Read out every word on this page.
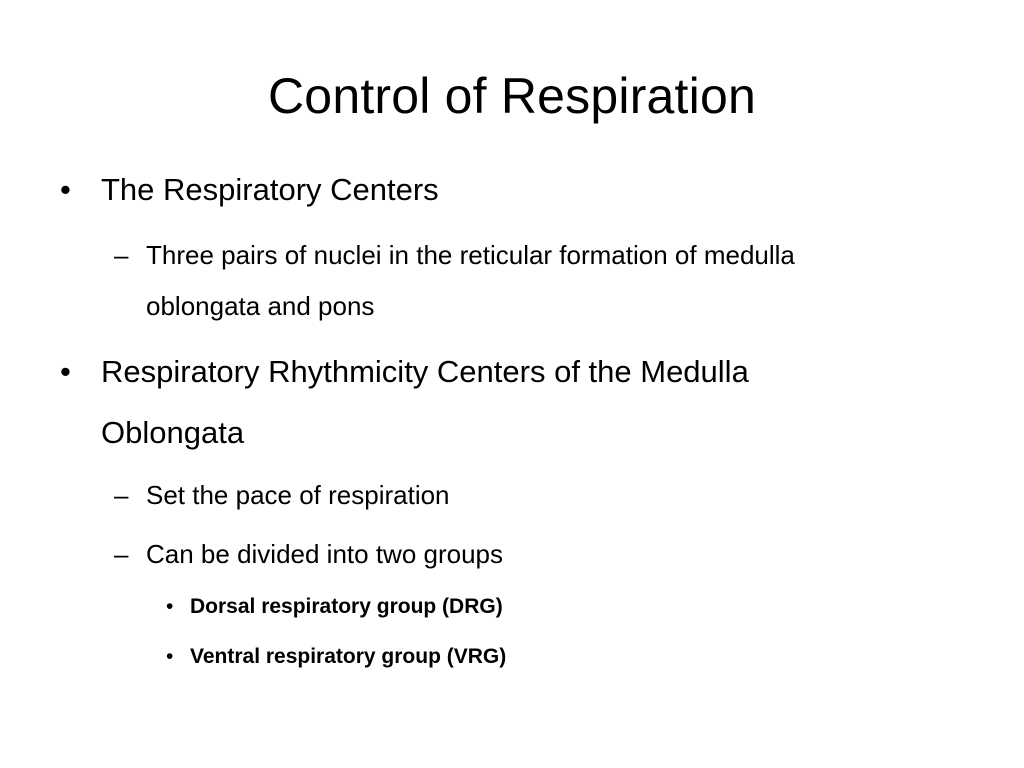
Control of Respiration
• The Respiratory Centers
– Three pairs of nuclei in the reticular formation of medulla
oblongata and pons
• Respiratory Rhythmicity Centers of the Medulla
Oblongata
– Set the pace of respiration
– Can be divided into two groups
• Dorsal respiratory group (DRG)
• Ventral respiratory group (VRG)
